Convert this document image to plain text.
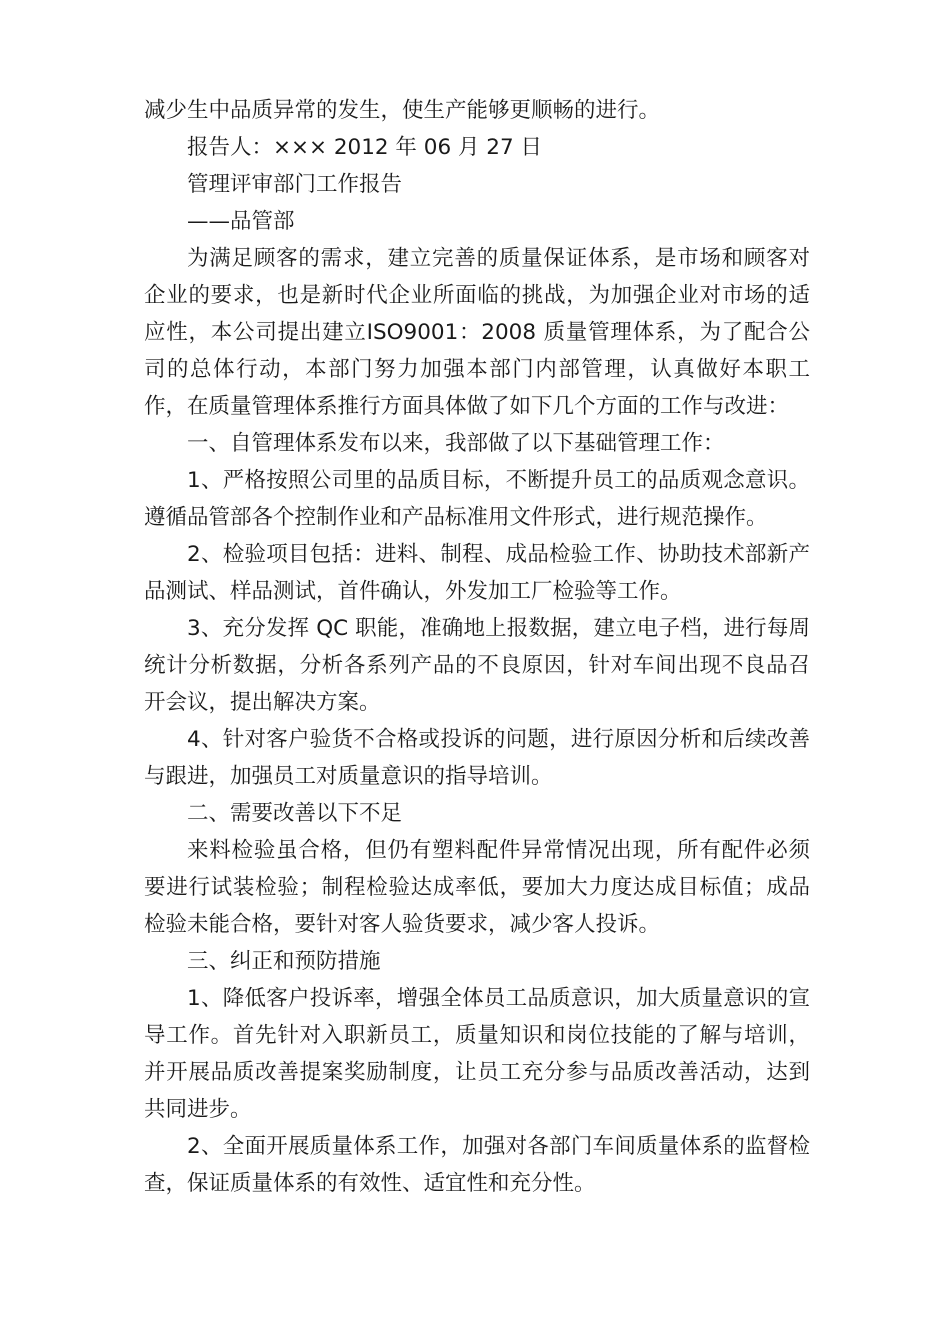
减少生中品质异常的发生，使生产能够更顺畅的进行。

报告人：××× 2012 年 06 月 27 日

管理评审部门工作报告

——品管部

为满足顾客的需求，建立完善的质量保证体系，是市场和顾客对企业的要求，也是新时代企业所面临的挑战，为加强企业对市场的适应性，本公司提出建立ISO9001：2008 质量管理体系，为了配合公司的总体行动，本部门努力加强本部门内部管理，认真做好本职工作，在质量管理体系推行方面具体做了如下几个方面的工作与改进：

一、自管理体系发布以来，我部做了以下基础管理工作：

1、严格按照公司里的品质目标，不断提升员工的品质观念意识。遵循品管部各个控制作业和产品标准用文件形式，进行规范操作。

2、检验项目包括：进料、制程、成品检验工作、协助技术部新产品测试、样品测试，首件确认，外发加工厂检验等工作。

3、充分发挥 QC 职能，准确地上报数据，建立电子档，进行每周统计分析数据，分析各系列产品的不良原因，针对车间出现不良品召开会议，提出解决方案。

4、针对客户验货不合格或投诉的问题，进行原因分析和后续改善与跟进，加强员工对质量意识的指导培训。

二、需要改善以下不足

来料检验虽合格，但仍有塑料配件异常情况出现，所有配件必须要进行试装检验；制程检验达成率低，要加大力度达成目标值；成品检验未能合格，要针对客人验货要求，减少客人投诉。

三、纠正和预防措施

1、降低客户投诉率，增强全体员工品质意识，加大质量意识的宣导工作。首先针对入职新员工，质量知识和岗位技能的了解与培训，并开展品质改善提案奖励制度，让员工充分参与品质改善活动，达到共同进步。

2、全面开展质量体系工作，加强对各部门车间质量体系的监督检查，保证质量体系的有效性、适宜性和充分性。
